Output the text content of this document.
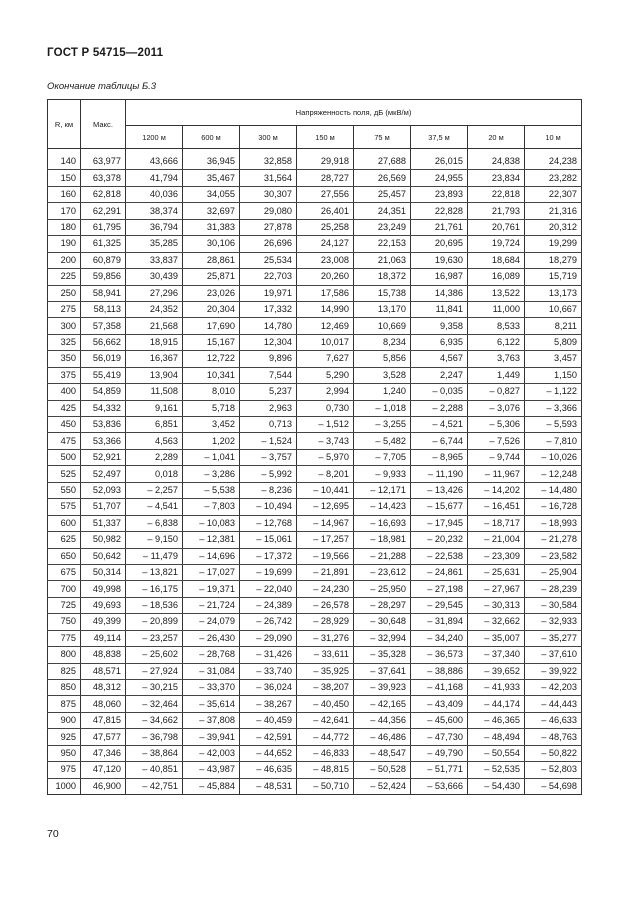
ГОСТ Р 54715—2011
Окончание таблицы Б.3
R, км	Макс.	Напряженность поля, дБ (мкВ/м)							
		1200 м	600 м	300 м	150 м	75 м	37,5 м	20 м	10 м

140	63,977	43,666	36,945	32,858	29,918	27,688	26,015	24,838	24,238
150	63,378	41,794	35,467	31,564	28,727	26,569	24,955	23,834	23,282
160	62,818	40,036	34,055	30,307	27,556	25,457	23,893	22,818	22,307
170	62,291	38,374	32,697	29,080	26,401	24,351	22,828	21,793	21,316
180	61,795	36,794	31,383	27,878	25,258	23,249	21,761	20,761	20,312
190	61,325	35,285	30,106	26,696	24,127	22,153	20,695	19,724	19,299
200	60,879	33,837	28,861	25,534	23,008	21,063	19,630	18,684	18,279
225	59,856	30,439	25,871	22,703	20,260	18,372	16,987	16,089	15,719
250	58,941	27,296	23,026	19,971	17,586	15,738	14,386	13,522	13,173
275	58,113	24,352	20,304	17,332	14,990	13,170	11,841	11,000	10,667
300	57,358	21,568	17,690	14,780	12,469	10,669	9,358	8,533	8,211
325	56,662	18,915	15,167	12,304	10,017	8,234	6,935	6,122	5,809
350	56,019	16,367	12,722	9,896	7,627	5,856	4,567	3,763	3,457
375	55,419	13,904	10,341	7,544	5,290	3,528	2,247	1,449	1,150
400	54,859	11,508	8,010	5,237	2,994	1,240	– 0,035	– 0,827	– 1,122
425	54,332	9,161	5,718	2,963	0,730	– 1,018	– 2,288	– 3,076	– 3,366
450	53,836	6,851	3,452	0,713	– 1,512	– 3,255	– 4,521	– 5,306	– 5,593
475	53,366	4,563	1,202	– 1,524	– 3,743	– 5,482	– 6,744	– 7,526	– 7,810
500	52,921	2,289	– 1,041	– 3,757	– 5,970	– 7,705	– 8,965	– 9,744	– 10,026
525	52,497	0,018	– 3,286	– 5,992	– 8,201	– 9,933	– 11,190	– 11,967	– 12,248
550	52,093	– 2,257	– 5,538	– 8,236	– 10,441	– 12,171	– 13,426	– 14,202	– 14,480
575	51,707	– 4,541	– 7,803	– 10,494	– 12,695	– 14,423	– 15,677	– 16,451	– 16,728
600	51,337	– 6,838	– 10,083	– 12,768	– 14,967	– 16,693	– 17,945	– 18,717	– 18,993
625	50,982	– 9,150	– 12,381	– 15,061	– 17,257	– 18,981	– 20,232	– 21,004	– 21,278
650	50,642	– 11,479	– 14,696	– 17,372	– 19,566	– 21,288	– 22,538	– 23,309	– 23,582
675	50,314	– 13,821	– 17,027	– 19,699	– 21,891	– 23,612	– 24,861	– 25,631	– 25,904
700	49,998	– 16,175	– 19,371	– 22,040	– 24,230	– 25,950	– 27,198	– 27,967	– 28,239
725	49,693	– 18,536	– 21,724	– 24,389	– 26,578	– 28,297	– 29,545	– 30,313	– 30,584
750	49,399	– 20,899	– 24,079	– 26,742	– 28,929	– 30,648	– 31,894	– 32,662	– 32,933
775	49,114	– 23,257	– 26,430	– 29,090	– 31,276	– 32,994	– 34,240	– 35,007	– 35,277
800	48,838	– 25,602	– 28,768	– 31,426	– 33,611	– 35,328	– 36,573	– 37,340	– 37,610
825	48,571	– 27,924	– 31,084	– 33,740	– 35,925	– 37,641	– 38,886	– 39,652	– 39,922
850	48,312	– 30,215	– 33,370	– 36,024	– 38,207	– 39,923	– 41,168	– 41,933	– 42,203
875	48,060	– 32,464	– 35,614	– 38,267	– 40,450	– 42,165	– 43,409	– 44,174	– 44,443
900	47,815	– 34,662	– 37,808	– 40,459	– 42,641	– 44,356	– 45,600	– 46,365	– 46,633
925	47,577	– 36,798	– 39,941	– 42,591	– 44,772	– 46,486	– 47,730	– 48,494	– 48,763
950	47,346	– 38,864	– 42,003	– 44,652	– 46,833	– 48,547	– 49,790	– 50,554	– 50,822
975	47,120	– 40,851	– 43,987	– 46,635	– 48,815	– 50,528	– 51,771	– 52,535	– 52,803
1000	46,900	– 42,751	– 45,884	– 48,531	– 50,710	– 52,424	– 53,666	– 54,430	– 54,698
70
